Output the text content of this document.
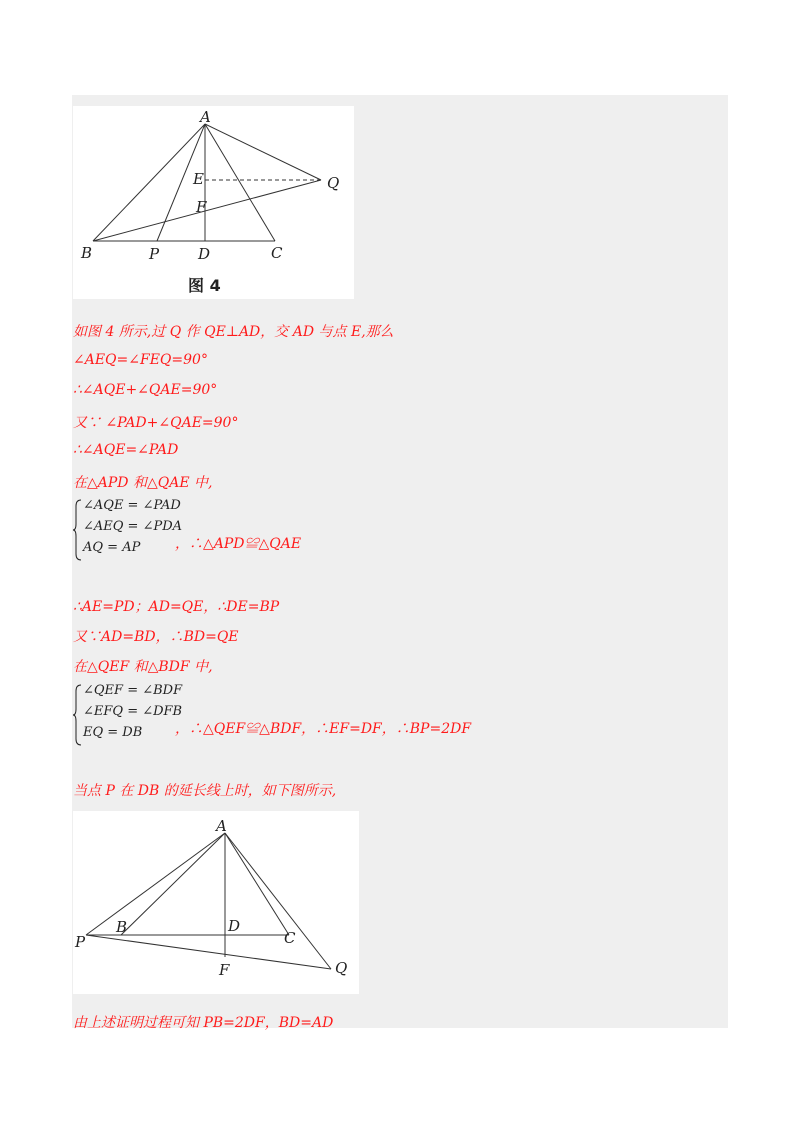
A
E	Q
F
B	P	D	C
图 4
如图 4 所示,过 Q 作 QE⊥AD，交 AD 与点 E,那么
∠AEQ=∠FEQ=90°
∴∠AQE+∠QAE=90°
又∵ ∠PAD+∠QAE=90°
∴∠AQE=∠PAD
在△APD 和△QAE 中,
∠AQE = ∠PAD
∠AEQ = ∠PDA
AQ = AP ，∴△APD≌△QAE
∴AE=PD；AD=QE，∴DE=BP
又∵AD=BD，∴BD=QE
在△QEF 和△BDF 中,
∠QEF = ∠BDF
∠EFQ = ∠DFB
EQ = DB ，∴△QEF≌△BDF，∴EF=DF，∴BP=2DF
当点 P 在 DB 的延长线上时，如下图所示,
A
B	D
C
P
F	Q
由上述证明过程可知 PB=2DF，BD=AD
